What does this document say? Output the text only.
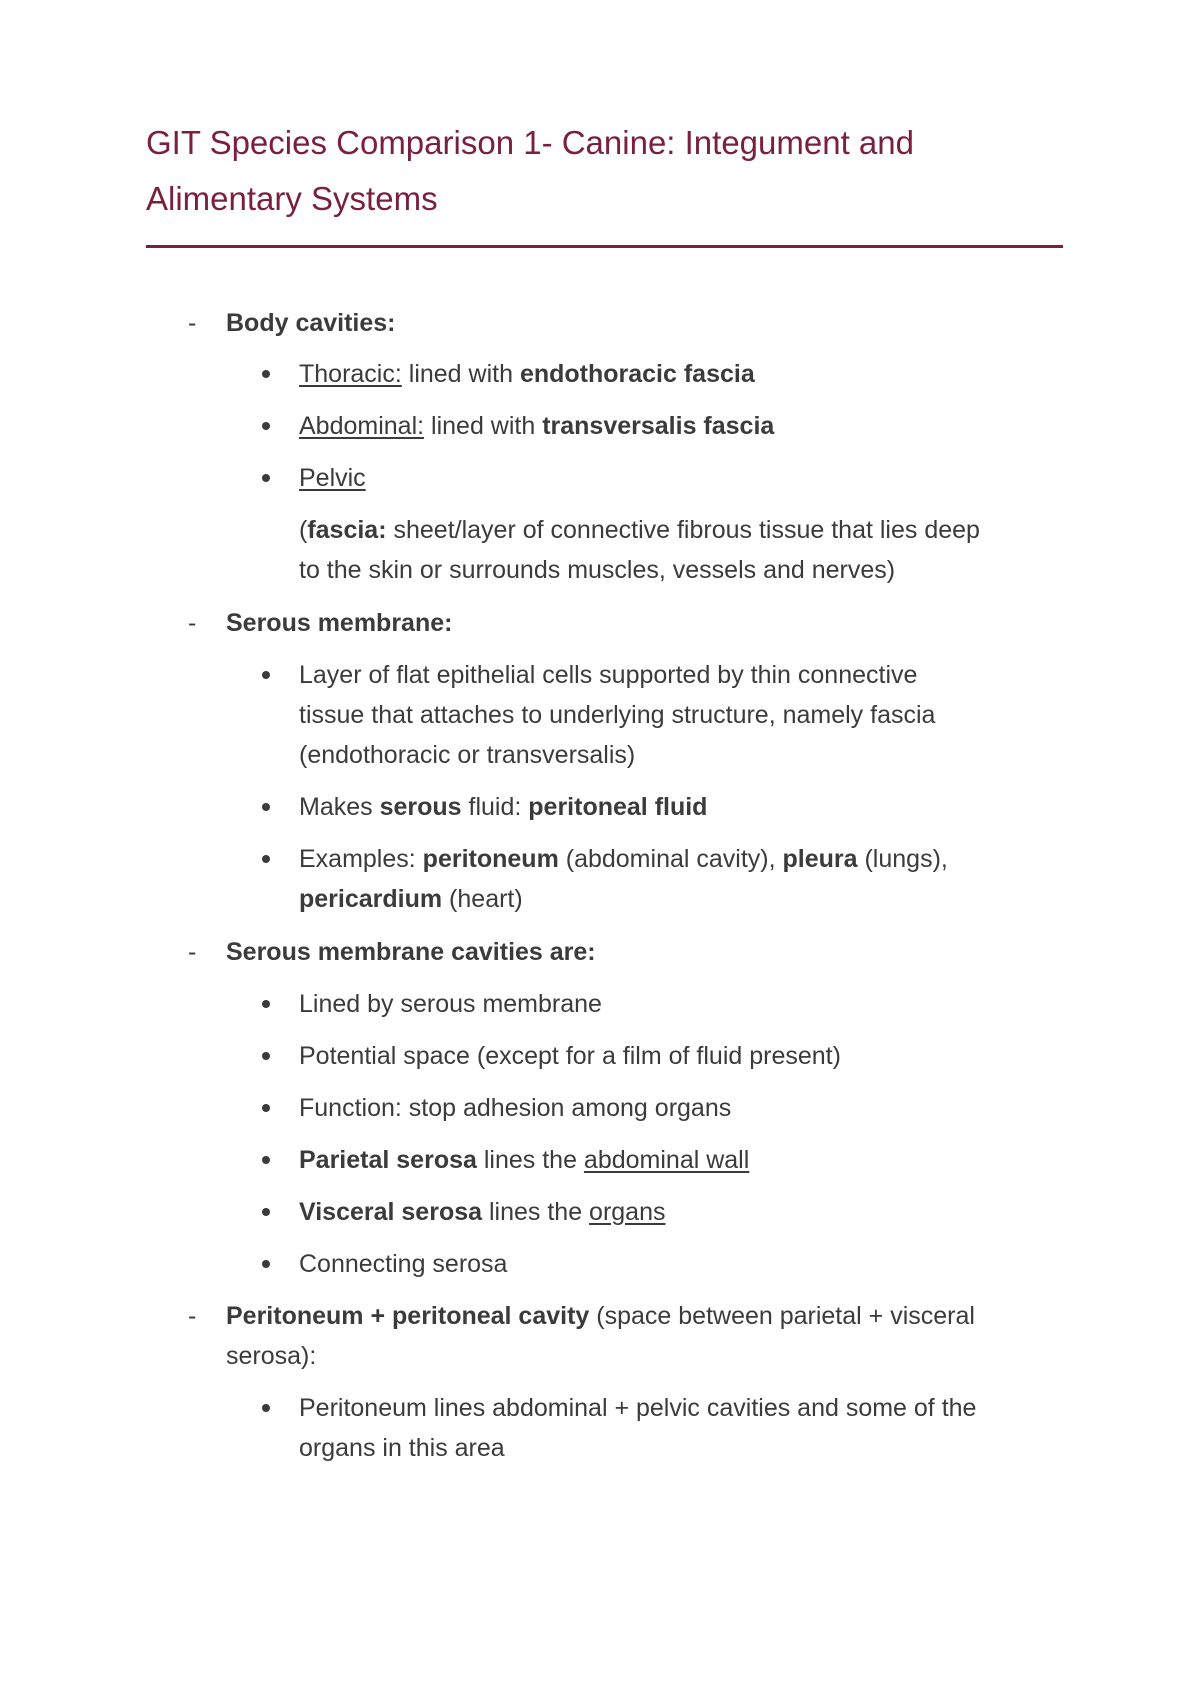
GIT Species Comparison 1- Canine: Integument and Alimentary Systems
- Body cavities:
Thoracic: lined with endothoracic fascia
Abdominal: lined with transversalis fascia
Pelvic
(fascia: sheet/layer of connective fibrous tissue that lies deep
to the skin or surrounds muscles, vessels and nerves)
- Serous membrane:
Layer of flat epithelial cells supported by thin connective
tissue that attaches to underlying structure, namely fascia
(endothoracic or transversalis)
Makes serous fluid: peritoneal fluid
Examples: peritoneum (abdominal cavity), pleura (lungs),
pericardium (heart)
- Serous membrane cavities are:
Lined by serous membrane
Potential space (except for a film of fluid present)
Function: stop adhesion among organs
Parietal serosa lines the abdominal wall
Visceral serosa lines the organs
Connecting serosa
- Peritoneum + peritoneal cavity (space between parietal + visceral
serosa):
Peritoneum lines abdominal + pelvic cavities and some of the
organs in this area
